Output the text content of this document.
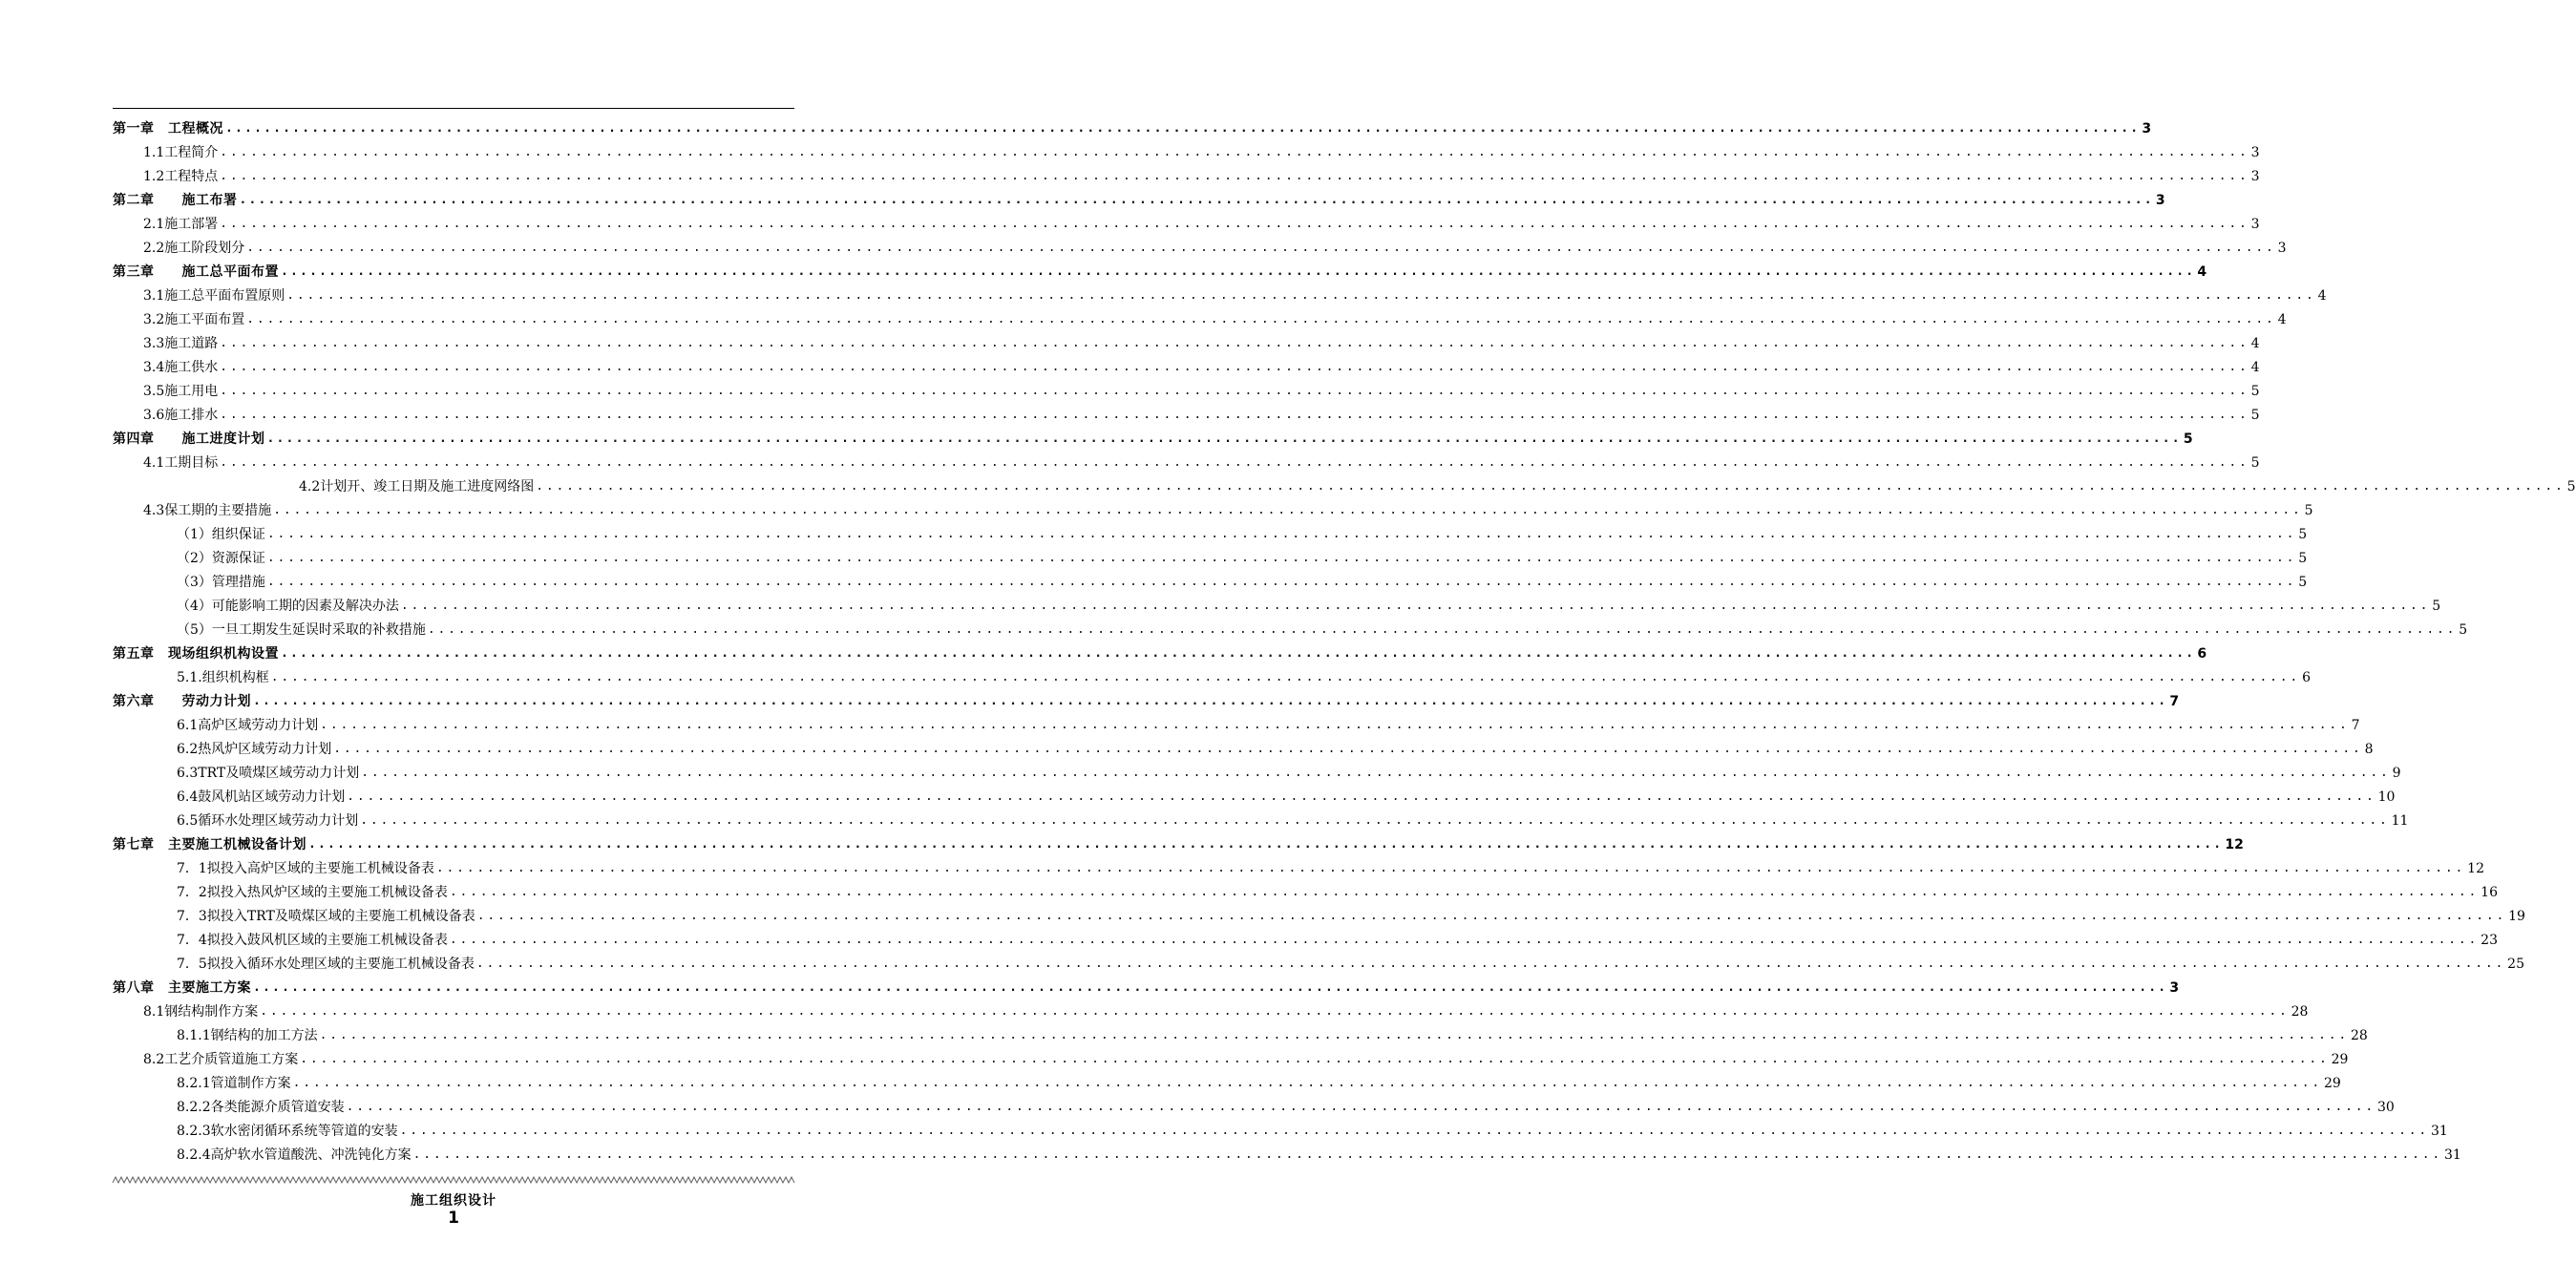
第一章　工程概况 ........................................................................................................................................................................................................ 3
1.1工程简介 ........................................................................................................................................................................................................ 3
1.2工程特点 ........................................................................................................................................................................................................ 3
第二章　　施工布署 ........................................................................................................................................................................................................ 3
2.1施工部署 ........................................................................................................................................................................................................ 3
2.2施工阶段划分 ........................................................................................................................................................................................................ 3
第三章　　施工总平面布置 ........................................................................................................................................................................................................ 4
3.1施工总平面布置原则 ........................................................................................................................................................................................................ 4
3.2施工平面布置 ........................................................................................................................................................................................................ 4
3.3施工道路 ........................................................................................................................................................................................................ 4
3.4施工供水 ........................................................................................................................................................................................................ 4
3.5施工用电 ........................................................................................................................................................................................................ 5
3.6施工排水 ........................................................................................................................................................................................................ 5
第四章　　施工进度计划 ........................................................................................................................................................................................................ 5
4.1工期目标 ........................................................................................................................................................................................................ 5
4.2计划开、竣工日期及施工进度网络图 ........................................................................................................................................................................................................ 5
4.3保工期的主要措施 ........................................................................................................................................................................................................ 5
（1）组织保证 ........................................................................................................................................................................................................ 5
（2）资源保证 ........................................................................................................................................................................................................ 5
（3）管理措施 ........................................................................................................................................................................................................ 5
（4）可能影响工期的因素及解决办法 ........................................................................................................................................................................................................ 5
（5）一旦工期发生延误时采取的补救措施 ........................................................................................................................................................................................................ 5
第五章　现场组织机构设置 ........................................................................................................................................................................................................ 6
5.1.组织机构框 ........................................................................................................................................................................................................ 6
第六章　　劳动力计划 ........................................................................................................................................................................................................ 7
6.1高炉区域劳动力计划 ........................................................................................................................................................................................................ 7
6.2热风炉区域劳动力计划 ........................................................................................................................................................................................................ 8
6.3TRT及喷煤区域劳动力计划 ........................................................................................................................................................................................................ 9
6.4鼓风机站区域劳动力计划 ........................................................................................................................................................................................................ 10
6.5循环水处理区域劳动力计划 ........................................................................................................................................................................................................ 11
第七章　主要施工机械设备计划 ........................................................................................................................................................................................................ 12
7．1拟投入高炉区域的主要施工机械设备表 ........................................................................................................................................................................................................ 12
7．2拟投入热风炉区域的主要施工机械设备表 ........................................................................................................................................................................................................ 16
7．3拟投入TRT及喷煤区域的主要施工机械设备表 ........................................................................................................................................................................................................ 19
7．4拟投入鼓风机区域的主要施工机械设备表 ........................................................................................................................................................................................................ 23
7．5拟投入循环水处理区域的主要施工机械设备表 ........................................................................................................................................................................................................ 25
第八章　主要施工方案 ........................................................................................................................................................................................................ 3
8.1钢结构制作方案 ........................................................................................................................................................................................................ 28
8.1.1钢结构的加工方法 ........................................................................................................................................................................................................ 28
8.2工艺介质管道施工方案 ........................................................................................................................................................................................................ 29
8.2.1管道制作方案 ........................................................................................................................................................................................................ 29
8.2.2各类能源介质管道安装 ........................................................................................................................................................................................................ 30
8.2.3软水密闭循环系统等管道的安装 ........................................................................................................................................................................................................ 31
8.2.4高炉软水管道酸洗、冲洗钝化方案 ........................................................................................................................................................................................................ 31
施工组织设计
1
